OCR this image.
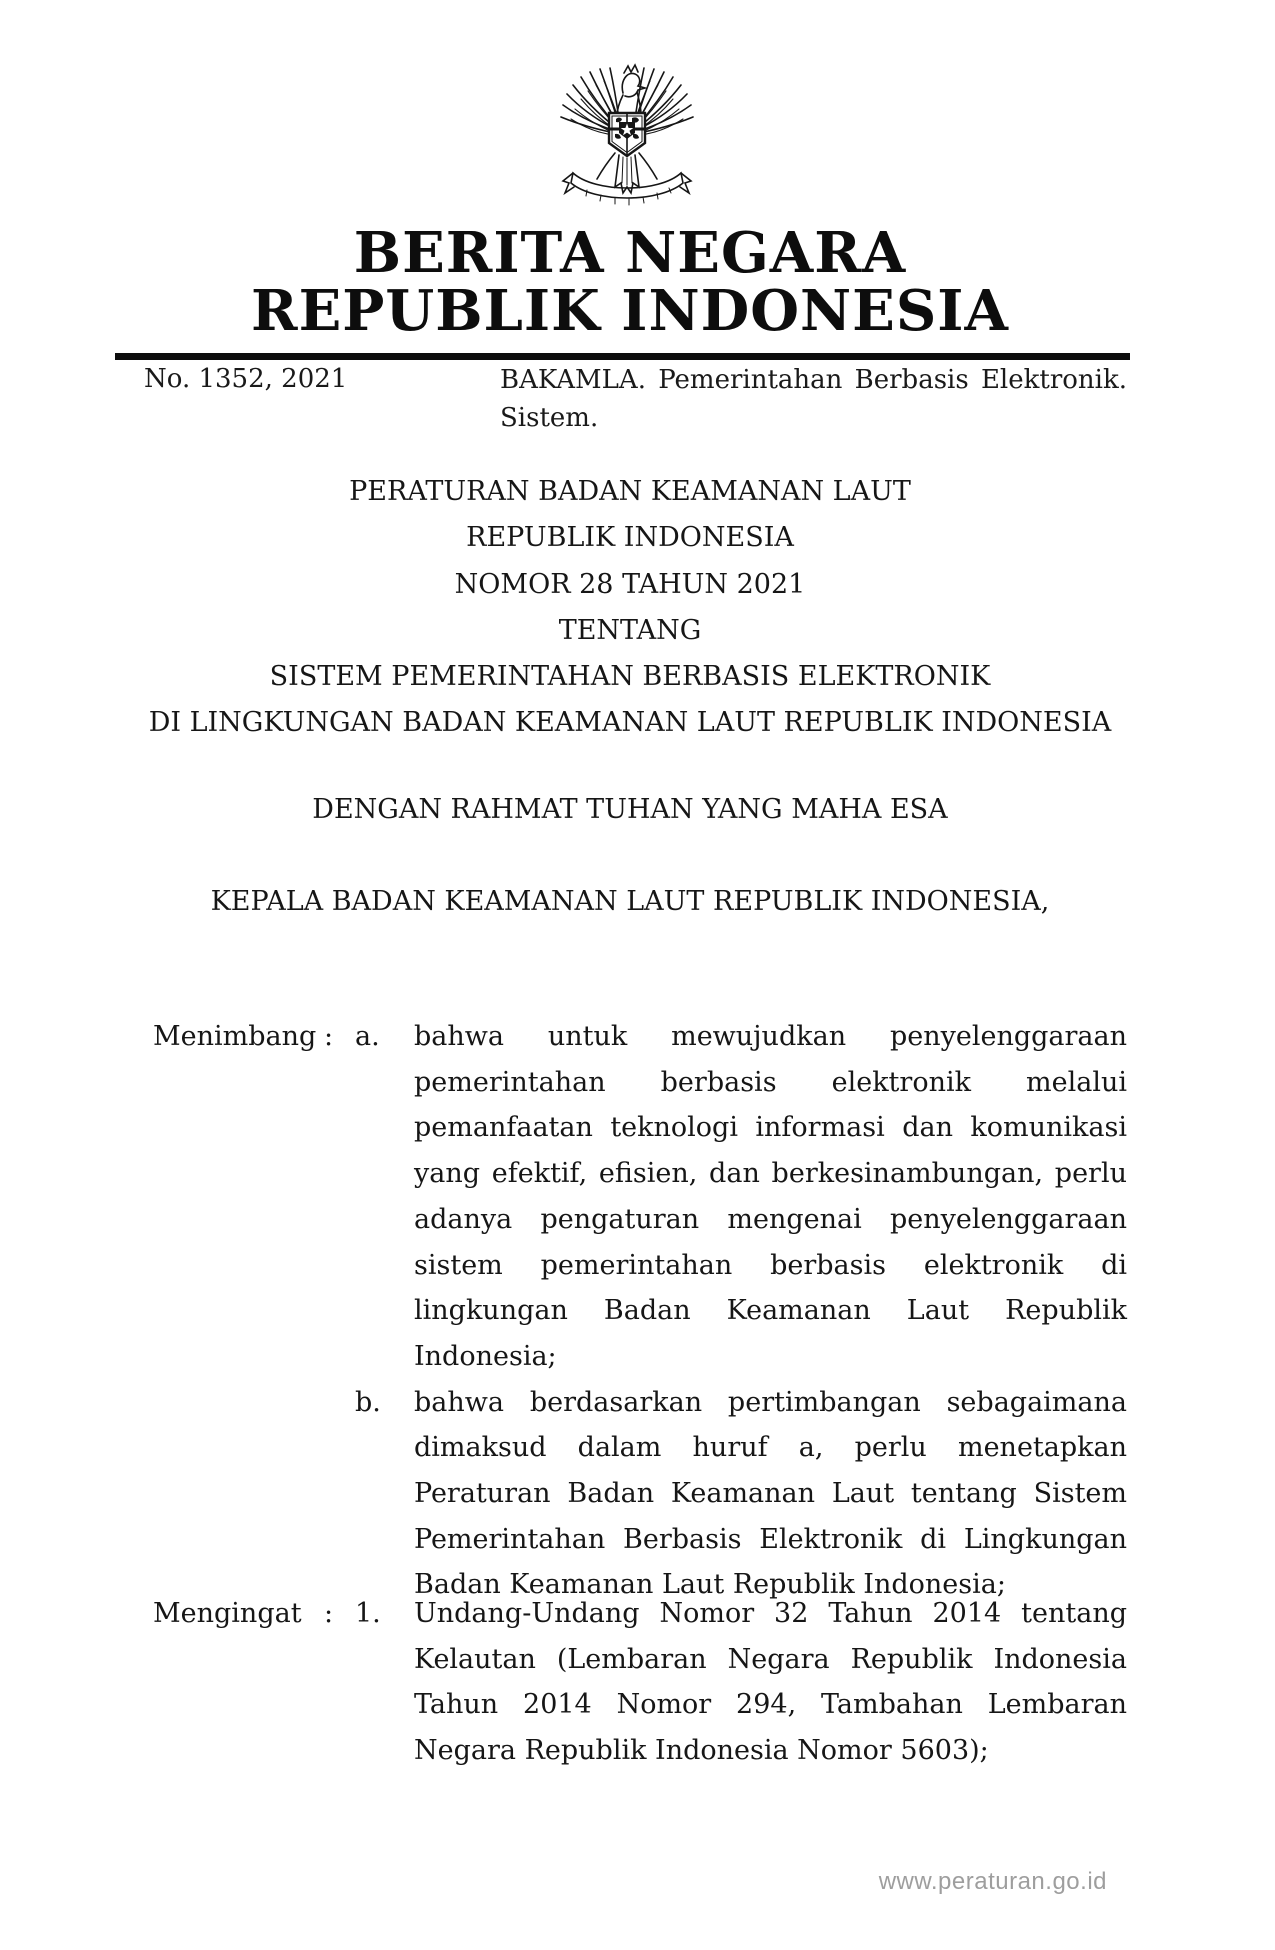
BERITA NEGARA
REPUBLIK INDONESIA
No. 1352, 2021	BAKAMLA. Pemerintahan Berbasis Elektronik. Sistem.
PERATURAN BADAN KEAMANAN LAUT
REPUBLIK INDONESIA
NOMOR 28 TAHUN 2021
TENTANG
SISTEM PEMERINTAHAN BERBASIS ELEKTRONIK
DI LINGKUNGAN BADAN KEAMANAN LAUT REPUBLIK INDONESIA
DENGAN RAHMAT TUHAN YANG MAHA ESA
KEPALA BADAN KEAMANAN LAUT REPUBLIK INDONESIA,
Menimbang : a.	bahwa untuk mewujudkan penyelenggaraan pemerintahan berbasis elektronik melalui pemanfaatan teknologi informasi dan komunikasi yang efektif, efisien, dan berkesinambungan, perlu adanya pengaturan mengenai penyelenggaraan sistem pemerintahan berbasis elektronik di lingkungan Badan Keamanan Laut Republik Indonesia;
b.	bahwa berdasarkan pertimbangan sebagaimana dimaksud dalam huruf a, perlu menetapkan Peraturan Badan Keamanan Laut tentang Sistem Pemerintahan Berbasis Elektronik di Lingkungan Badan Keamanan Laut Republik Indonesia;
Mengingat : 1.	Undang-Undang Nomor 32 Tahun 2014 tentang Kelautan (Lembaran Negara Republik Indonesia Tahun 2014 Nomor 294, Tambahan Lembaran Negara Republik Indonesia Nomor 5603);
www.peraturan.go.id
